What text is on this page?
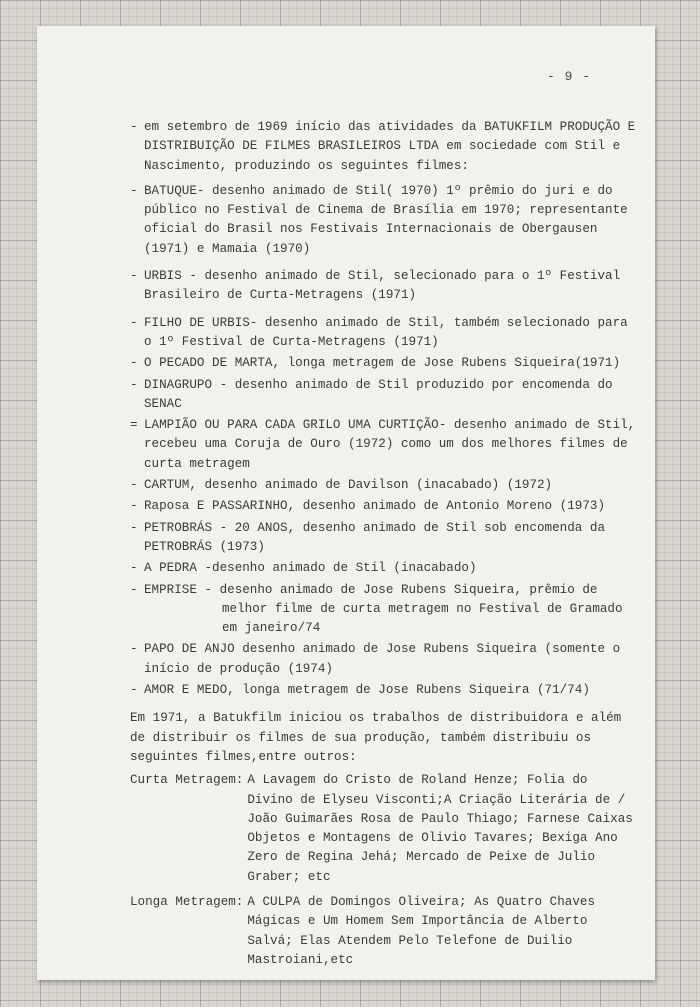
- 9 -
- em setembro de 1969 início das atividades da BATUKFILM PRODUÇÃO E DISTRIBUIÇÃO DE FILMES BRASILEIROS LTDA em sociedade com Stil e Nascimento, produzindo os seguintes filmes:
- BATUQUE- desenho animado de Stil( 1970) 1º prêmio do juri e do público no Festival de Cinema de Brasília em 1970; representante oficial do Brasil nos Festivais Internacionais de Obergausen (1971) e Mamaia (1970)
- URBIS - desenho animado de Stil, selecionado para o 1º Festival Brasileiro de Curta-Metragens (1971)
- FILHO DE URBIS- desenho animado de Stil, também selecionado para o 1º Festival de Curta-Metragens (1971)
- O PECADO DE MARTA, longa metragem de Jose Rubens Siqueira(1971)
- DINAGRUPO - desenho animado de Stil produzido por encomenda do SENAC
= LAMPIÃO OU PARA CADA GRILO UMA CURTIÇÃO- desenho animado de Stil, recebeu uma Coruja de Ouro (1972) como um dos melhores filmes de curta metragem
- CARTUM, desenho animado de Davilson (inacabado) (1972)
- Raposa E PASSARINHO, desenho animado de Antonio Moreno (1973)
- PETROBRÁS - 20 ANOS, desenho animado de Stil sob encomenda da PETROBRÁS (1973)
- A PEDRA -desenho animado de Stil (inacabado)
- EMPRISE - desenho animado de Jose Rubens Siqueira, prêmio de
melhor filme de curta metragem no Festival de Gramado em janeiro/74
- PAPO DE ANJO desenho animado de Jose Rubens Siqueira (somente o início de produção (1974)
- AMOR E MEDO, longa metragem de Jose Rubens Siqueira (71/74)
Em 1971, a Batukfilm iniciou os trabalhos de distribuidora e além de distribuir os filmes de sua produção, também distribuiu os seguintes filmes,entre outros:
Curta Metragem: A Lavagem do Cristo de Roland Henze; Folia do Divino de Elyseu Visconti;A Criação Literária de / João Guimarães Rosa de Paulo Thiago; Farnese Caixas Objetos e Montagens de Olivio Tavares; Bexiga Ano Zero de Regina Jehá; Mercado de Peixe de Julio Graber; etc
Longa Metragem: A CULPA de Domingos Oliveira; As Quatro Chaves Mágicas e Um Homem Sem Importância de Alberto Salvá; Elas Atendem Pelo Telefone de Duilio Mastroiani,etc
